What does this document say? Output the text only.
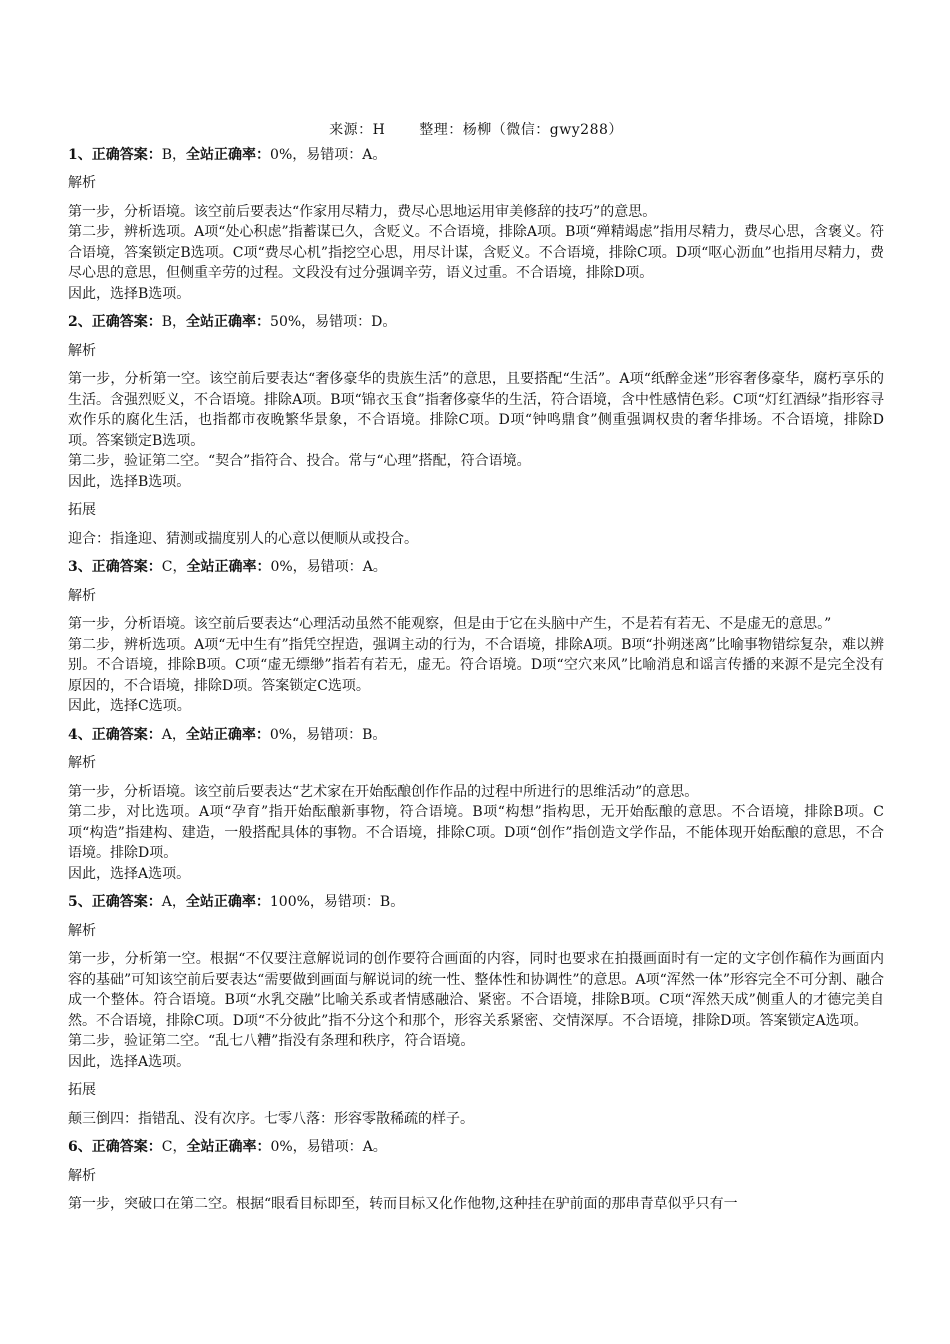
来源：H 整理：杨柳（微信：gwy288）

1、正确答案：B，全站正确率：0%，易错项：A。

解析

第一步，分析语境。该空前后要表达“作家用尽精力，费尽心思地运用审美修辞的技巧”的意思。

第二步，辨析选项。A项“处心积虑”指蓄谋已久，含贬义。不合语境，排除A项。B项“殚精竭虑”指用尽精力，费尽心思，含褒义。符合语境，答案锁定B选项。C项“费尽心机”指挖空心思，用尽计谋，含贬义。不合语境，排除C项。D项“呕心沥血”也指用尽精力，费尽心思的意思，但侧重辛劳的过程。文段没有过分强调辛劳，语义过重。不合语境，排除D项。

因此，选择B选项。

2、正确答案：B，全站正确率：50%，易错项：D。

解析

第一步，分析第一空。该空前后要表达“奢侈豪华的贵族生活”的意思，且要搭配“生活”。A项“纸醉金迷”形容奢侈豪华，腐朽享乐的生活。含强烈贬义，不合语境。排除A项。B项“锦衣玉食”指奢侈豪华的生活，符合语境，含中性感情色彩。C项“灯红酒绿”指形容寻欢作乐的腐化生活，也指都市夜晚繁华景象，不合语境。排除C项。D项“钟鸣鼎食”侧重强调权贵的奢华排场。不合语境，排除D项。答案锁定B选项。

第二步，验证第二空。“契合”指符合、投合。常与“心理”搭配，符合语境。

因此，选择B选项。

拓展

迎合：指逢迎、猜测或揣度别人的心意以便顺从或投合。

3、正确答案：C，全站正确率：0%，易错项：A。

解析

第一步，分析语境。该空前后要表达“心理活动虽然不能观察，但是由于它在头脑中产生，不是若有若无、不是虚无的意思。”

第二步，辨析选项。A项“无中生有”指凭空捏造，强调主动的行为，不合语境，排除A项。B项“扑朔迷离”比喻事物错综复杂，难以辨别。不合语境，排除B项。C项“虚无缥缈”指若有若无，虚无。符合语境。D项“空穴来风”比喻消息和谣言传播的来源不是完全没有原因的，不合语境，排除D项。答案锁定C选项。

因此，选择C选项。

4、正确答案：A，全站正确率：0%，易错项：B。

解析

第一步，分析语境。该空前后要表达“艺术家在开始酝酿创作作品的过程中所进行的思维活动”的意思。

第二步，对比选项。A项“孕育”指开始酝酿新事物，符合语境。B项“构想”指构思，无开始酝酿的意思。不合语境，排除B项。C项“构造”指建构、建造，一般搭配具体的事物。不合语境，排除C项。D项“创作”指创造文学作品，不能体现开始酝酿的意思，不合语境。排除D项。

因此，选择A选项。

5、正确答案：A，全站正确率：100%，易错项：B。

解析

第一步，分析第一空。根据“不仅要注意解说词的创作要符合画面的内容，同时也要求在拍摄画面时有一定的文字创作稿作为画面内容的基础”可知该空前后要表达“需要做到画面与解说词的统一性、整体性和协调性”的意思。A项“浑然一体”形容完全不可分割、融合成一个整体。符合语境。B项“水乳交融”比喻关系或者情感融洽、紧密。不合语境，排除B项。C项“浑然天成”侧重人的才德完美自然。不合语境，排除C项。D项“不分彼此”指不分这个和那个，形容关系紧密、交情深厚。不合语境，排除D项。答案锁定A选项。

第二步，验证第二空。“乱七八糟”指没有条理和秩序，符合语境。

因此，选择A选项。

拓展

颠三倒四：指错乱、没有次序。七零八落：形容零散稀疏的样子。

6、正确答案：C，全站正确率：0%，易错项：A。

解析

第一步，突破口在第二空。根据“眼看目标即至，转而目标又化作他物,这种挂在驴前面的那串青草似乎只有一
